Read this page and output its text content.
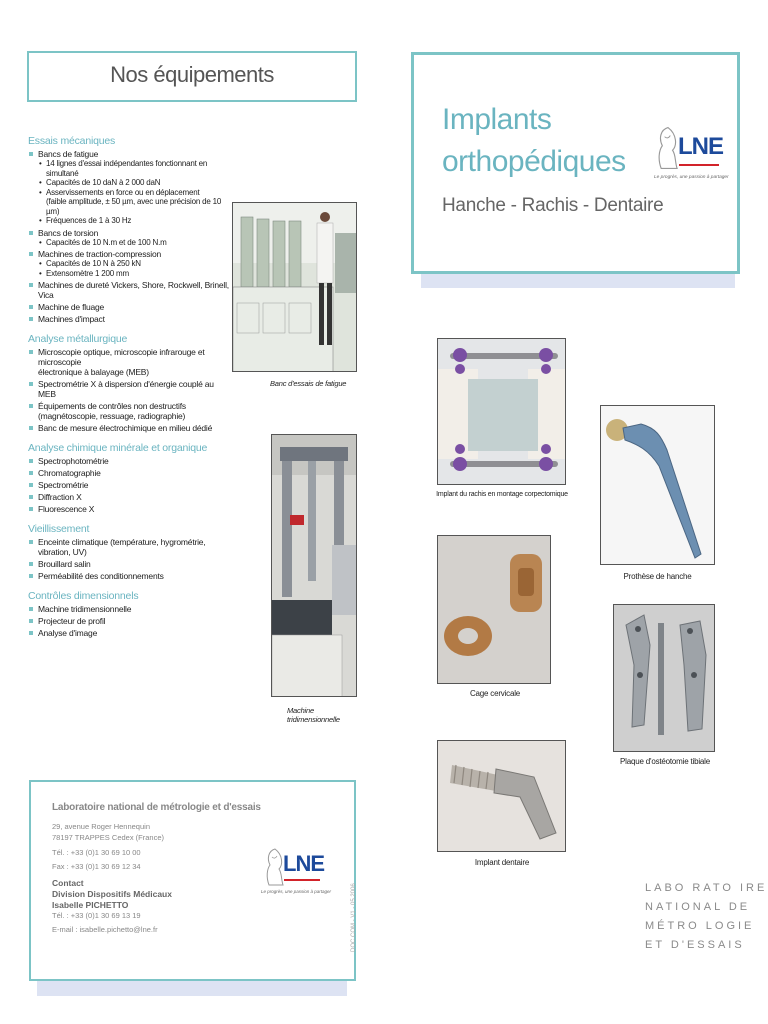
Nos équipements
Essais mécaniques
Bancs de fatigue
• 14 lignes d'essai indépendantes fonctionnant en simultané
• Capacités de 10 daN à 2 000 daN
• Asservissements en force ou en déplacement
(faible amplitude, ± 50 µm, avec une précision de 10 µm)
• Fréquences de 1 à 30 Hz
Bancs de torsion
• Capacités de 10 N.m et de 100 N.m
Machines de traction-compression
• Capacités de 10 N à 250 kN
• Extensomètre 1 200 mm
Machines de dureté Vickers, Shore, Rockwell, Brinell, Vica
Machine de fluage
Machines d'impact
Analyse métallurgique
Microscopie optique, microscopie infrarouge et microscopie
électronique à balayage (MEB)
Spectrométrie X à dispersion d'énergie couplé au MEB
Équipements de contrôles non destructifs
(magnétoscopie, ressuage, radiographie)
Banc de mesure électrochimique en milieu dédié
Analyse chimique minérale et organique
Spectrophotométrie
Chromatographie
Spectrométrie
Diffraction X
Fluorescence X
Vieillissement
Enceinte climatique (température, hygrométrie, vibration, UV)
Brouillard salin
Perméabilité des conditionnements
Contrôles dimensionnels
Machine tridimensionnelle
Projecteur de profil
Analyse d'image
Banc d'essais de fatigue
Machine tridimensionnelle
Laboratoire national de métrologie et d'essais
29, avenue Roger Hennequin
78197 TRAPPES Cedex (France)
Tél. : +33 (0)1 30 69 10 00
Fax : +33 (0)1 30 69 12 34
Contact
Division Dispositifs Médicaux
Isabelle PICHETTO
Tél. : +33 (0)1 30 69 13 19
E-mail : isabelle.pichetto@lne.fr
LNE
Le progrès, une passion à partager	DOC.COM - V1 - 05.2006
Implants
orthopédiques
Hanche - Rachis - Dentaire
LNE
Le progrès, une passion à partager
Implant du rachis en montage corpectomique
Prothèse de hanche
Cage cervicale
Plaque d'ostéotomie tibiale
Implant dentaire
LABO RATO IRE
NATIONAL DE
MÉTRO LOGIE
ET D'ESSAIS
